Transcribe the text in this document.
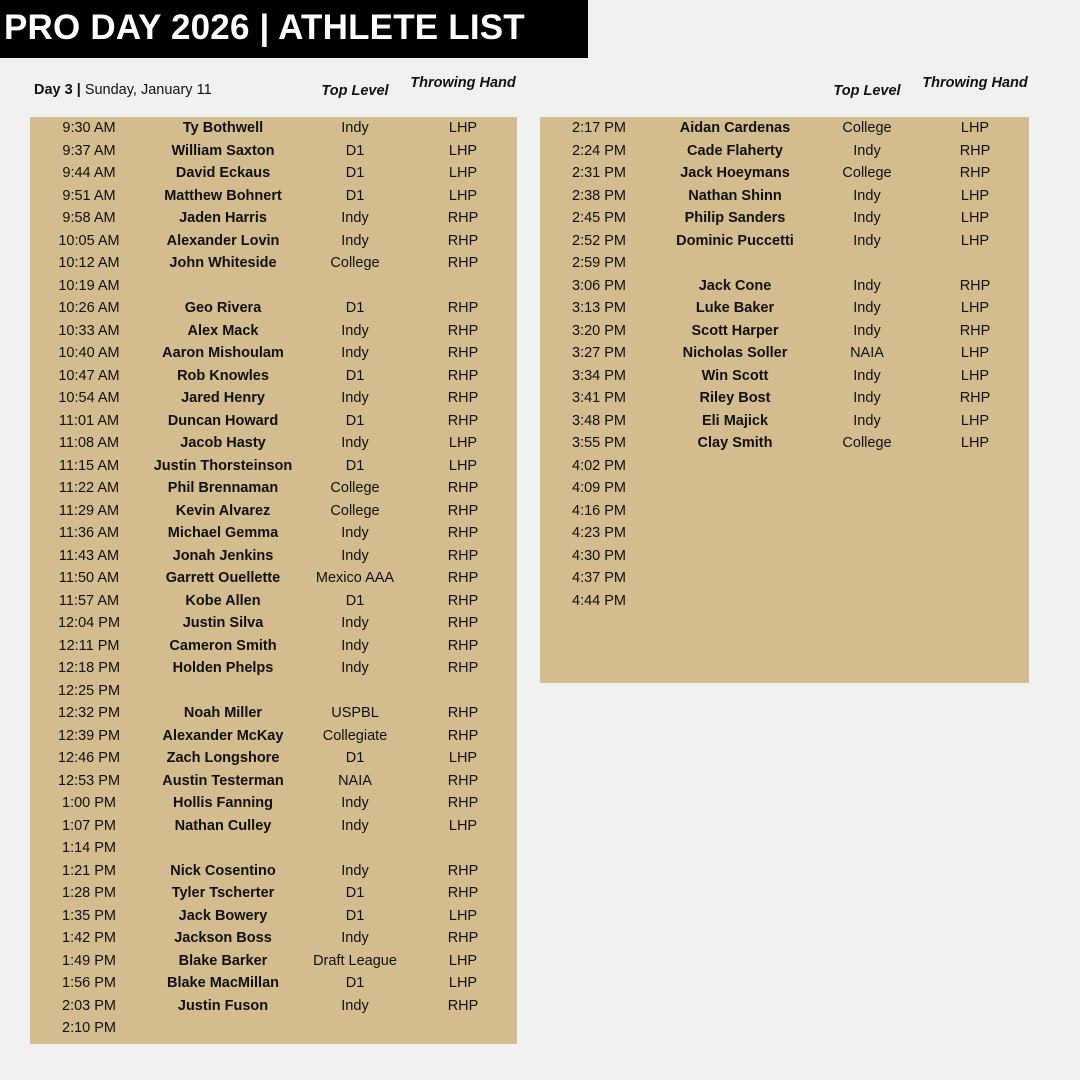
PRO DAY 2026 | ATHLETE LIST
Day 3 | Sunday, January 11	Top Level	Throwing Hand	Top Level	Throwing Hand
9:30 AM	Ty Bothwell	Indy	LHP
9:37 AM	William Saxton	D1	LHP
9:44 AM	David Eckaus	D1	LHP
9:51 AM	Matthew Bohnert	D1	LHP
9:58 AM	Jaden Harris	Indy	RHP
10:05 AM	Alexander Lovin	Indy	RHP
10:12 AM	John Whiteside	College	RHP
10:19 AM
10:26 AM	Geo Rivera	D1	RHP
10:33 AM	Alex Mack	Indy	RHP
10:40 AM	Aaron Mishoulam	Indy	RHP
10:47 AM	Rob Knowles	D1	RHP
10:54 AM	Jared Henry	Indy	RHP
11:01 AM	Duncan Howard	D1	RHP
11:08 AM	Jacob Hasty	Indy	LHP
11:15 AM	Justin Thorsteinson	D1	LHP
11:22 AM	Phil Brennaman	College	RHP
11:29 AM	Kevin Alvarez	College	RHP
11:36 AM	Michael Gemma	Indy	RHP
11:43 AM	Jonah Jenkins	Indy	RHP
11:50 AM	Garrett Ouellette	Mexico AAA	RHP
11:57 AM	Kobe Allen	D1	RHP
12:04 PM	Justin Silva	Indy	RHP
12:11 PM	Cameron Smith	Indy	RHP
12:18 PM	Holden Phelps	Indy	RHP
12:25 PM
12:32 PM	Noah Miller	USPBL	RHP
12:39 PM	Alexander McKay	Collegiate	RHP
12:46 PM	Zach Longshore	D1	LHP
12:53 PM	Austin Testerman	NAIA	RHP
1:00 PM	Hollis Fanning	Indy	RHP
1:07 PM	Nathan Culley	Indy	LHP
1:14 PM
1:21 PM	Nick Cosentino	Indy	RHP
1:28 PM	Tyler Tscherter	D1	RHP
1:35 PM	Jack Bowery	D1	LHP
1:42 PM	Jackson Boss	Indy	RHP
1:49 PM	Blake Barker	Draft League	LHP
1:56 PM	Blake MacMillan	D1	LHP
2:03 PM	Justin Fuson	Indy	RHP
2:10 PM
2:17 PM	Aidan Cardenas	College	LHP
2:24 PM	Cade Flaherty	Indy	RHP
2:31 PM	Jack Hoeymans	College	RHP
2:38 PM	Nathan Shinn	Indy	LHP
2:45 PM	Philip Sanders	Indy	LHP
2:52 PM	Dominic Puccetti	Indy	LHP
2:59 PM
3:06 PM	Jack Cone	Indy	RHP
3:13 PM	Luke Baker	Indy	LHP
3:20 PM	Scott Harper	Indy	RHP
3:27 PM	Nicholas Soller	NAIA	LHP
3:34 PM	Win Scott	Indy	LHP
3:41 PM	Riley Bost	Indy	RHP
3:48 PM	Eli Majick	Indy	LHP
3:55 PM	Clay Smith	College	LHP
4:02 PM
4:09 PM
4:16 PM
4:23 PM
4:30 PM
4:37 PM
4:44 PM
